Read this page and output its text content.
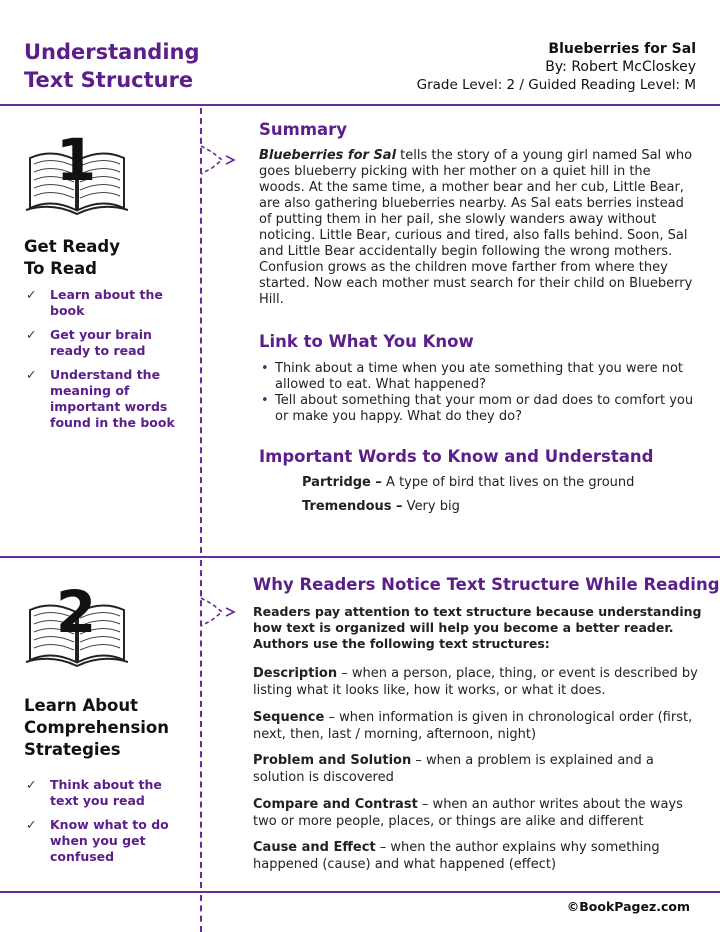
Understanding
Text Structure
Blueberries for Sal
By: Robert McCloskey
Grade Level: 2 / Guided Reading Level: M
1
Get Ready
To Read
✓ Learn about the book
✓ Get your brain ready to read
✓ Understand the meaning of important words found in the book
Summary
Blueberries for Sal tells the story of a young girl named Sal who goes blueberry picking with her mother on a quiet hill in the woods. At the same time, a mother bear and her cub, Little Bear, are also gathering blueberries nearby. As Sal eats berries instead of putting them in her pail, she slowly wanders away without noticing. Little Bear, curious and tired, also falls behind. Soon, Sal and Little Bear accidentally begin following the wrong mothers. Confusion grows as the children move farther from where they started. Now each mother must search for their child on Blueberry Hill.
Link to What You Know
• Think about a time when you ate something that you were not allowed to eat. What happened?
• Tell about something that your mom or dad does to comfort you or make you happy. What do they do?
Important Words to Know and Understand
Partridge – A type of bird that lives on the ground
Tremendous – Very big
2
Learn About
Comprehension
Strategies
✓ Think about the text you read
✓ Know what to do when you get confused
Why Readers Notice Text Structure While Reading
Readers pay attention to text structure because understanding how text is organized will help you become a better reader. Authors use the following text structures:
Description – when a person, place, thing, or event is described by listing what it looks like, how it works, or what it does.
Sequence – when information is given in chronological order (first, next, then, last / morning, afternoon, night)
Problem and Solution – when a problem is explained and a solution is discovered
Compare and Contrast – when an author writes about the ways two or more people, places, or things are alike and different
Cause and Effect – when the author explains why something happened (cause) and what happened (effect)
©BookPagez.com
